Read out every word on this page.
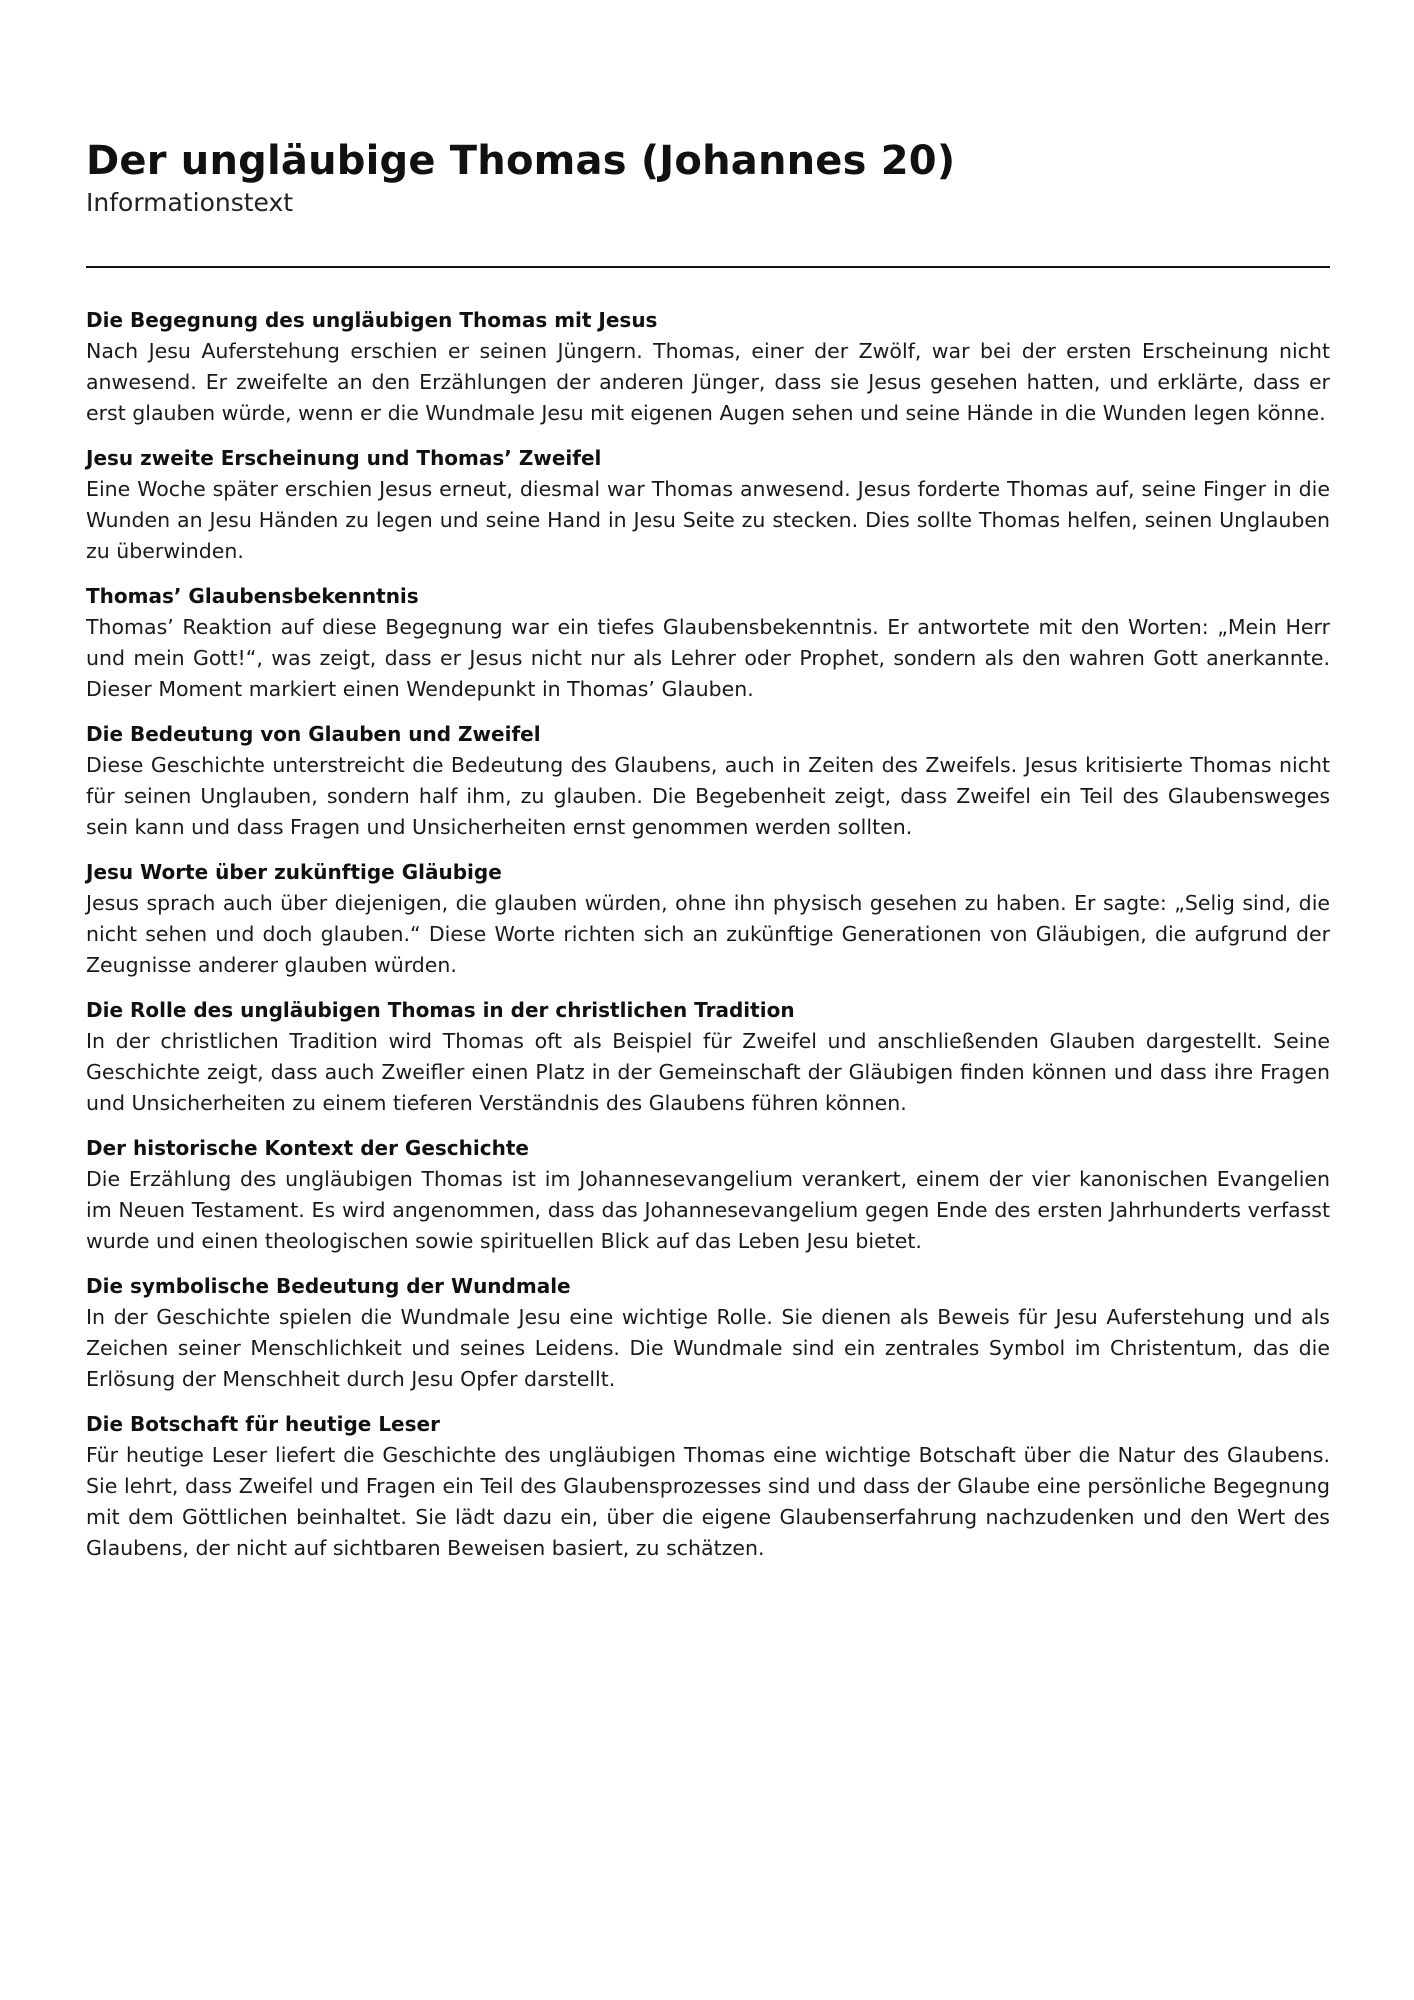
Der ungläubige Thomas (Johannes 20)

Informationstext

Die Begegnung des ungläubigen Thomas mit Jesus

Nach Jesu Auferstehung erschien er seinen Jüngern. Thomas, einer der Zwölf, war bei der ersten Erscheinung nicht anwesend. Er zweifelte an den Erzählungen der anderen Jünger, dass sie Jesus gesehen hatten, und erklärte, dass er erst glauben würde, wenn er die Wundmale Jesu mit eigenen Augen sehen und seine Hände in die Wunden legen könne.

Jesu zweite Erscheinung und Thomas’ Zweifel

Eine Woche später erschien Jesus erneut, diesmal war Thomas anwesend. Jesus forderte Thomas auf, seine Finger in die Wunden an Jesu Händen zu legen und seine Hand in Jesu Seite zu stecken. Dies sollte Thomas helfen, seinen Unglauben zu überwinden.

Thomas’ Glaubensbekenntnis

Thomas’ Reaktion auf diese Begegnung war ein tiefes Glaubensbekenntnis. Er antwortete mit den Worten: „Mein Herr und mein Gott!“, was zeigt, dass er Jesus nicht nur als Lehrer oder Prophet, sondern als den wahren Gott anerkannte. Dieser Moment markiert einen Wendepunkt in Thomas’ Glauben.

Die Bedeutung von Glauben und Zweifel

Diese Geschichte unterstreicht die Bedeutung des Glaubens, auch in Zeiten des Zweifels. Jesus kritisierte Thomas nicht für seinen Unglauben, sondern half ihm, zu glauben. Die Begebenheit zeigt, dass Zweifel ein Teil des Glaubensweges sein kann und dass Fragen und Unsicherheiten ernst genommen werden sollten.

Jesu Worte über zukünftige Gläubige

Jesus sprach auch über diejenigen, die glauben würden, ohne ihn physisch gesehen zu haben. Er sagte: „Selig sind, die nicht sehen und doch glauben.“ Diese Worte richten sich an zukünftige Generationen von Gläubigen, die aufgrund der Zeugnisse anderer glauben würden.

Die Rolle des ungläubigen Thomas in der christlichen Tradition

In der christlichen Tradition wird Thomas oft als Beispiel für Zweifel und anschließenden Glauben dargestellt. Seine Geschichte zeigt, dass auch Zweifler einen Platz in der Gemeinschaft der Gläubigen finden können und dass ihre Fragen und Unsicherheiten zu einem tieferen Verständnis des Glaubens führen können.

Der historische Kontext der Geschichte

Die Erzählung des ungläubigen Thomas ist im Johannesevangelium verankert, einem der vier kanonischen Evangelien im Neuen Testament. Es wird angenommen, dass das Johannesevangelium gegen Ende des ersten Jahrhunderts verfasst wurde und einen theologischen sowie spirituellen Blick auf das Leben Jesu bietet.

Die symbolische Bedeutung der Wundmale

In der Geschichte spielen die Wundmale Jesu eine wichtige Rolle. Sie dienen als Beweis für Jesu Auferstehung und als Zeichen seiner Menschlichkeit und seines Leidens. Die Wundmale sind ein zentrales Symbol im Christentum, das die Erlösung der Menschheit durch Jesu Opfer darstellt.

Die Botschaft für heutige Leser

Für heutige Leser liefert die Geschichte des ungläubigen Thomas eine wichtige Botschaft über die Natur des Glaubens. Sie lehrt, dass Zweifel und Fragen ein Teil des Glaubensprozesses sind und dass der Glaube eine persönliche Begegnung mit dem Göttlichen beinhaltet. Sie lädt dazu ein, über die eigene Glaubenserfahrung nachzudenken und den Wert des Glaubens, der nicht auf sichtbaren Beweisen basiert, zu schätzen.
